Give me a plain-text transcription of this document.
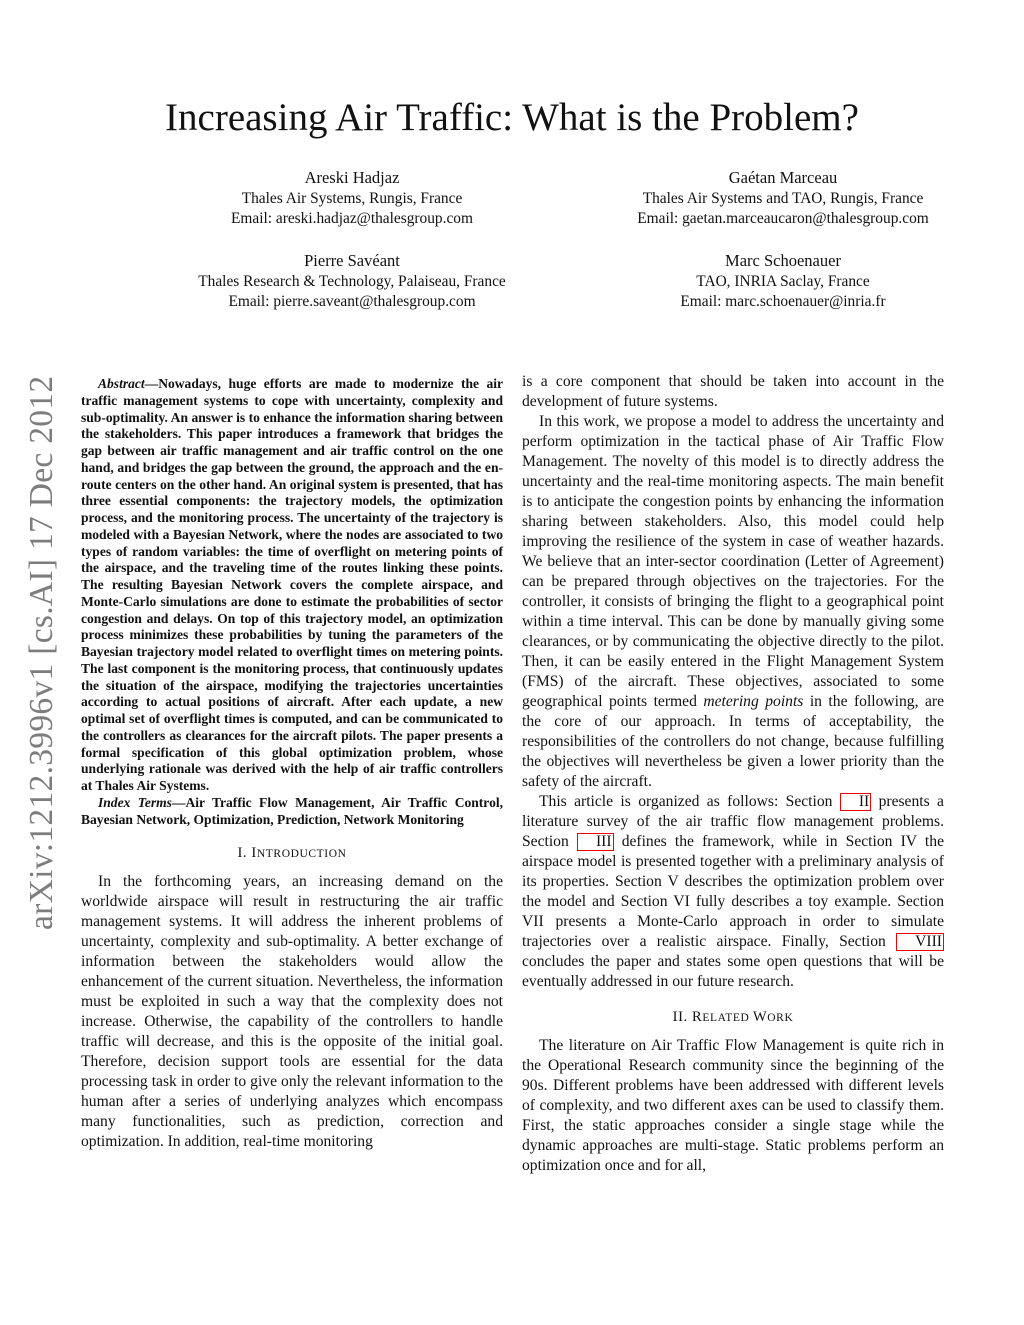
Increasing Air Traffic: What is the Problem?
Areski Hadjaz
Thales Air Systems, Rungis, France
Email: areski.hadjaz@thalesgroup.com
Gaétan Marceau
Thales Air Systems and TAO, Rungis, France
Email: gaetan.marceaucaron@thalesgroup.com
Pierre Savéant
Thales Research & Technology, Palaiseau, France
Email: pierre.saveant@thalesgroup.com
Marc Schoenauer
TAO, INRIA Saclay, France
Email: marc.schoenauer@inria.fr
arXiv:1212.3996v1 [cs.AI] 17 Dec 2012	Abstract—Nowadays, huge efforts are made to modernize the air traffic management systems to cope with uncertainty, complexity and sub-optimality. An answer is to enhance the information sharing between the stakeholders. This paper introduces a framework that bridges the gap between air traffic management and air traffic control on the one hand, and bridges the gap between the ground, the approach and the en-route centers on the other hand. An original system is presented, that has three essential components: the trajectory models, the optimization process, and the monitoring process. The uncertainty of the trajectory is modeled with a Bayesian Network, where the nodes are associated to two types of random variables: the time of overflight on metering points of the airspace, and the traveling time of the routes linking these points. The resulting Bayesian Network covers the complete airspace, and Monte-Carlo simulations are done to estimate the probabilities of sector congestion and delays. On top of this trajectory model, an optimization process minimizes these probabilities by tuning the parameters of the Bayesian trajectory model related to overflight times on metering points. The last component is the monitoring process, that continuously updates the situation of the airspace, modifying the trajectories uncertainties according to actual positions of aircraft. After each update, a new optimal set of overflight times is computed, and can be communicated to the controllers as clearances for the aircraft pilots. The paper presents a formal specification of this global optimization problem, whose underlying rationale was derived with the help of air traffic controllers at Thales Air Systems.

Index Terms—Air Traffic Flow Management, Air Traffic Control, Bayesian Network, Optimization, Prediction, Network Monitoring

I. INTRODUCTION

In the forthcoming years, an increasing demand on the worldwide airspace will result in restructuring the air traffic management systems. It will address the inherent problems of uncertainty, complexity and sub-optimality. A better exchange of information between the stakeholders would allow the enhancement of the current situation. Nevertheless, the information must be exploited in such a way that the complexity does not increase. Otherwise, the capability of the controllers to handle traffic will decrease, and this is the opposite of the initial goal. Therefore, decision support tools are essential for the data processing task in order to give only the relevant information to the human after a series of underlying analyzes which encompass many functionalities, such as prediction, correction and optimization. In addition, real-time monitoring

is a core component that should be taken into account in the development of future systems.

In this work, we propose a model to address the uncertainty and perform optimization in the tactical phase of Air Traffic Flow Management. The novelty of this model is to directly address the uncertainty and the real-time monitoring aspects. The main benefit is to anticipate the congestion points by enhancing the information sharing between stakeholders. Also, this model could help improving the resilience of the system in case of weather hazards. We believe that an inter-sector coordination (Letter of Agreement) can be prepared through objectives on the trajectories. For the controller, it consists of bringing the flight to a geographical point within a time interval. This can be done by manually giving some clearances, or by communicating the objective directly to the pilot. Then, it can be easily entered in the Flight Management System (FMS) of the aircraft. These objectives, associated to some geographical points termed metering points in the following, are the core of our approach. In terms of acceptability, the responsibilities of the controllers do not change, because fulfilling the objectives will nevertheless be given a lower priority than the safety of the aircraft.

This article is organized as follows: Section II presents a literature survey of the air traffic flow management problems. Section III defines the framework, while in Section IV the airspace model is presented together with a preliminary analysis of its properties. Section V describes the optimization problem over the model and Section VI fully describes a toy example. Section VII presents a Monte-Carlo approach in order to simulate trajectories over a realistic airspace. Finally, Section VIII concludes the paper and states some open questions that will be eventually addressed in our future research.

II. RELATED WORK

The literature on Air Traffic Flow Management is quite rich in the Operational Research community since the beginning of the 90s. Different problems have been addressed with different levels of complexity, and two different axes can be used to classify them. First, the static approaches consider a single stage while the dynamic approaches are multi-stage. Static problems perform an optimization once and for all,
